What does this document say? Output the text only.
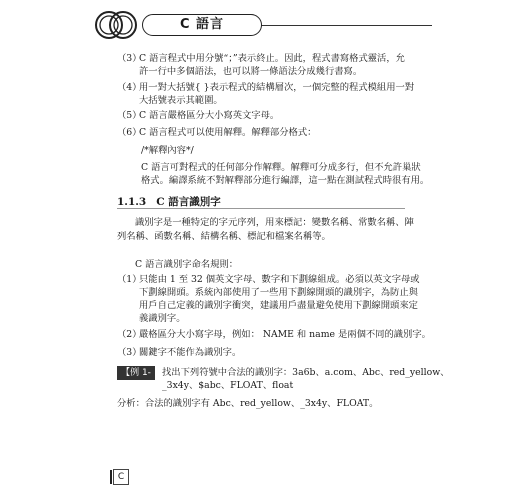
C 語言
（3）
C 語言程式中用分號“；”表示終止。因此，程式書寫格式靈活，允
許一行中多個語法，也可以將一條語法分成幾行書寫。
（4）
用一對大括號{ }表示程式的結構層次，一個完整的程式模組用一對
大括號表示其範圍。
（5）
C 語言嚴格區分大小寫英文字母。
（6）
C 語言程式可以使用解釋。解釋部分格式：
/*解釋內容*/
C 語言可對程式的任何部分作解釋。解釋可分成多行，但不允許巢狀
格式。編譯系統不對解釋部分進行編譯，這一點在測試程式時很有用。
1.1.3 C 語言識別字
識別字是一種特定的字元序列，用來標記：變數名稱、常數名稱、陣
列名稱、函數名稱、結構名稱、標記和檔案名稱等。
C 語言識別字命名規則：
（1）
只能由 1 至 32 個英文字母、數字和下劃線組成。必須以英文字母或
下劃線開頭。系統內部使用了一些用下劃線開頭的識別字，為防止與
用戶自己定義的識別字衝突，建議用戶盡量避免使用下劃線開頭來定
義識別字。
（2）
嚴格區分大小寫字母，例如： NAME 和 name 是兩個不同的識別字。
（3）
關鍵字不能作為識別字。
【例 1-4】
找出下列符號中合法的識別字：3a6b、a.com、Abc、red_yellow、
_3x4y、$abc、FLOAT、float
分析：合法的識別字有 Abc、red_yellow、_3x4y、FLOAT。
C
